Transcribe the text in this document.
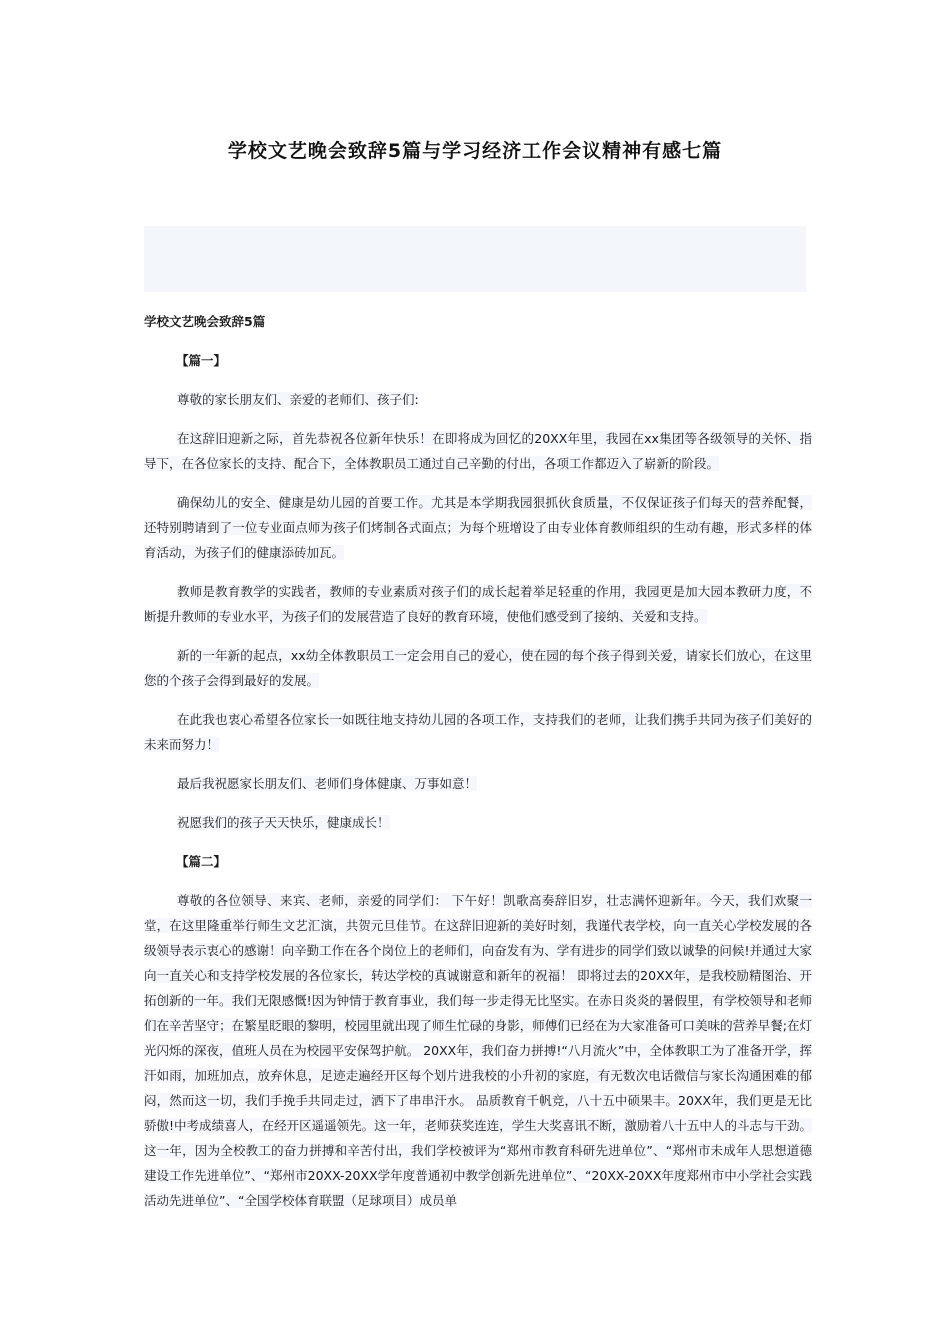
学校文艺晚会致辞5篇与学习经济工作会议精神有感七篇

学校文艺晚会致辞5篇

【篇一】

尊敬的家长朋友们、亲爱的老师们、孩子们:

在这辞旧迎新之际，首先恭祝各位新年快乐！在即将成为回忆的20XX年里，我园在xx集团等各级领导的关怀、指导下，在各位家长的支持、配合下，全体教职员工通过自己辛勤的付出，各项工作都迈入了崭新的阶段。

确保幼儿的安全、健康是幼儿园的首要工作。尤其是本学期我园狠抓伙食质量，不仅保证孩子们每天的营养配餐，还特别聘请到了一位专业面点师为孩子们烤制各式面点；为每个班增设了由专业体育教师组织的生动有趣，形式多样的体育活动，为孩子们的健康添砖加瓦。

教师是教育教学的实践者，教师的专业素质对孩子们的成长起着举足轻重的作用，我园更是加大园本教研力度，不断提升教师的专业水平，为孩子们的发展营造了良好的教育环境，使他们感受到了接纳、关爱和支持。

新的一年新的起点，xx幼全体教职员工一定会用自己的爱心，使在园的每个孩子得到关爱，请家长们放心，在这里您的个孩子会得到最好的发展。

在此我也衷心希望各位家长一如既往地支持幼儿园的各项工作，支持我们的老师，让我们携手共同为孩子们美好的未来而努力！

最后我祝愿家长朋友们、老师们身体健康、万事如意！

祝愿我们的孩子天天快乐，健康成长！

【篇二】

尊敬的各位领导、来宾、老师，亲爱的同学们： 下午好！凯歌高奏辞旧岁，壮志满怀迎新年。今天，我们欢聚一堂，在这里隆重举行师生文艺汇演，共贺元旦佳节。在这辞旧迎新的美好时刻，我谨代表学校，向一直关心学校发展的各级领导表示衷心的感谢！向辛勤工作在各个岗位上的老师们，向奋发有为、学有进步的同学们致以诚挚的问候!并通过大家向一直关心和支持学校发展的各位家长，转达学校的真诚谢意和新年的祝福！ 即将过去的20XX年，是我校励精图治、开拓创新的一年。我们无限感慨!因为钟情于教育事业，我们每一步走得无比坚实。在赤日炎炎的暑假里，有学校领导和老师们在辛苦坚守；在繁星眨眼的黎明，校园里就出现了师生忙碌的身影，师傅们已经在为大家准备可口美味的营养早餐;在灯光闪烁的深夜，值班人员在为校园平安保驾护航。 20XX年，我们奋力拼搏!“八月流火”中，全体教职工为了准备开学，挥汗如雨，加班加点，放弃休息，足迹走遍经开区每个划片进我校的小升初的家庭，有无数次电话微信与家长沟通困难的郁闷，然而这一切，我们手挽手共同走过，洒下了串串汗水。 品质教育千帆竞，八十五中硕果丰。20XX年，我们更是无比骄傲!中考成绩喜人，在经开区遥遥领先。这一年，老师获奖连连，学生大奖喜讯不断，激励着八十五中人的斗志与干劲。这一年，因为全校教工的奋力拼搏和辛苦付出，我们学校被评为“郑州市教育科研先进单位”、“郑州市未成年人思想道德建设工作先进单位”、“郑州市20XX-20XX学年度普通初中教学创新先进单位”、“20XX-20XX年度郑州市中小学社会实践活动先进单位”、“全国学校体育联盟（足球项目）成员单
